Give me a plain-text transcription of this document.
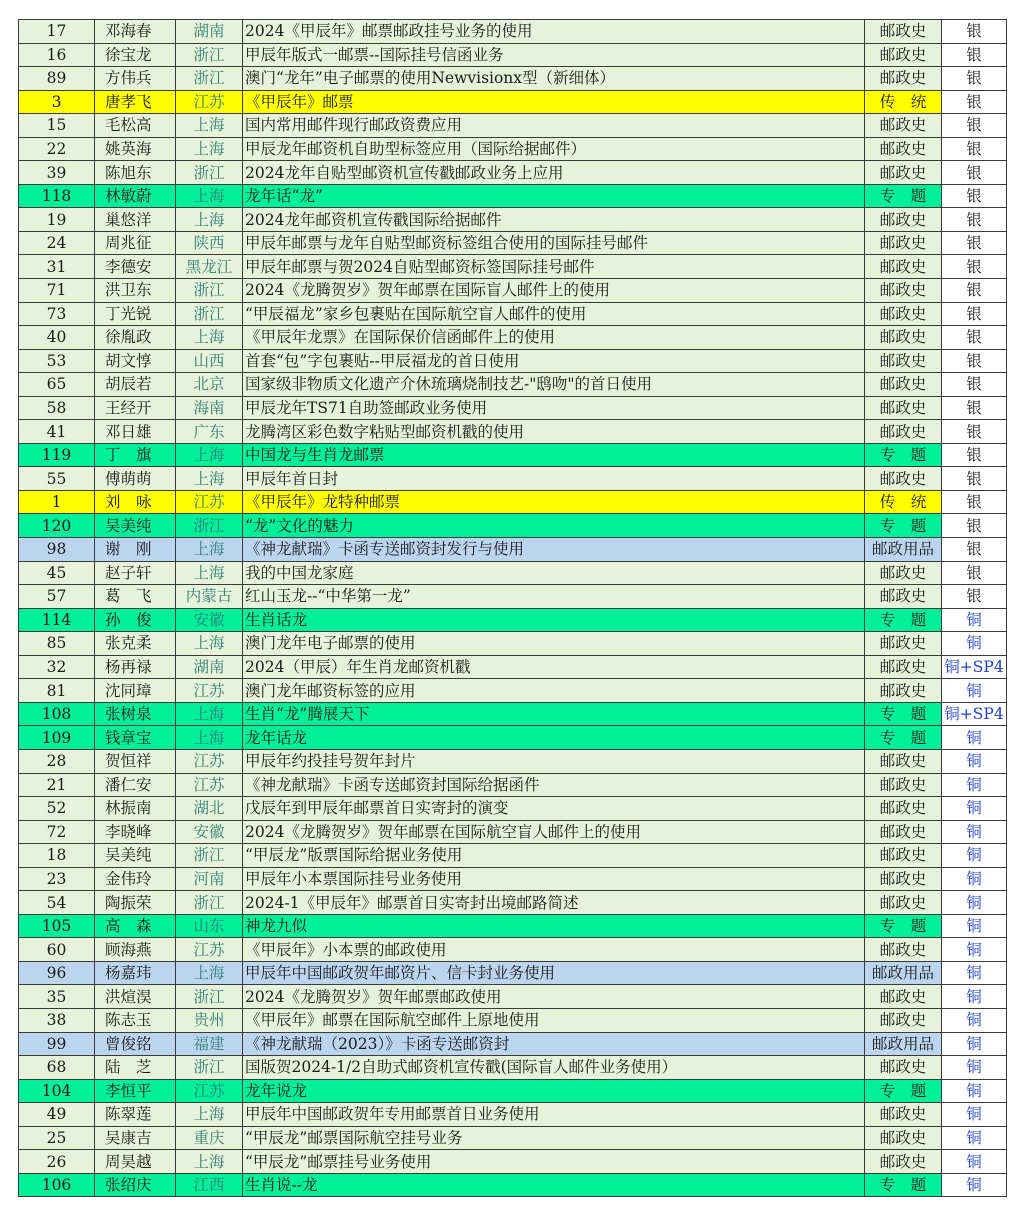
17	邓海春	湖南	2024《甲辰年》邮票邮政挂号业务的使用	邮政史	银
16	徐宝龙	浙江	甲辰年版式一邮票--国际挂号信函业务	邮政史	银
89	方伟兵	浙江	澳门“龙年”电子邮票的使用Newvisionx型（新细体）	邮政史	银
3	唐孝飞	江苏	《甲辰年》邮票	传　统	银
15	毛松高	上海	国内常用邮件现行邮政资费应用	邮政史	银
22	姚英海	上海	甲辰龙年邮资机自助型标签应用（国际给据邮件）	邮政史	银
39	陈旭东	浙江	2024龙年自贴型邮资机宣传戳邮政业务上应用	邮政史	银
118	林敏蔚	上海	龙年话“龙”	专　题	银
19	巢悠洋	上海	2024龙年邮资机宣传戳国际给据邮件	邮政史	银
24	周兆征	陕西	甲辰年邮票与龙年自贴型邮资标签组合使用的国际挂号邮件	邮政史	银
31	李德安	黑龙江	甲辰年邮票与贺2024自贴型邮资标签国际挂号邮件	邮政史	银
71	洪卫东	浙江	2024《龙腾贺岁》贺年邮票在国际盲人邮件上的使用	邮政史	银
73	丁光锐	浙江	“甲辰福龙”家乡包裹贴在国际航空盲人邮件的使用	邮政史	银
40	徐胤政	上海	《甲辰年龙票》在国际保价信函邮件上的使用	邮政史	银
53	胡文惇	山西	首套“包”字包裹贴--甲辰福龙的首日使用	邮政史	银
65	胡辰若	北京	国家级非物质文化遗产介休琉璃烧制技艺-"鸱吻"的首日使用	邮政史	银
58	王经开	海南	甲辰龙年TS71自助签邮政业务使用	邮政史	银
41	邓日雄	广东	龙腾湾区彩色数字粘贴型邮资机戳的使用	邮政史	银
119	丁　旗	上海	中国龙与生肖龙邮票	专　题	银
55	傅萌萌	上海	甲辰年首日封	邮政史	银
1	刘　咏	江苏	《甲辰年》龙特种邮票	传　统	银
120	吴美纯	浙江	“龙”文化的魅力	专　题	银
98	谢　刚	上海	《神龙献瑞》卡函专送邮资封发行与使用	邮政用品	银
45	赵子轩	上海	我的中国龙家庭	邮政史	银
57	葛　飞	内蒙古	红山玉龙--“中华第一龙”	邮政史	银
114	孙　俊	安徽	生肖话龙	专　题	铜
85	张克柔	上海	澳门龙年电子邮票的使用	邮政史	铜
32	杨再禄	湖南	2024（甲辰）年生肖龙邮资机戳	邮政史	铜+SP4
81	沈同璋	江苏	澳门龙年邮资标签的应用	邮政史	铜
108	张树泉	上海	生肖“龙”腾展天下	专　题	铜+SP4
109	钱章宝	上海	龙年话龙	专　题	铜
28	贺恒祥	江苏	甲辰年约投挂号贺年封片	邮政史	铜
21	潘仁安	江苏	《神龙献瑞》卡函专送邮资封国际给据函件	邮政史	铜
52	林振南	湖北	戊辰年到甲辰年邮票首日实寄封的演变	邮政史	铜
72	李晓峰	安徽	2024《龙腾贺岁》贺年邮票在国际航空盲人邮件上的使用	邮政史	铜
18	吴美纯	浙江	“甲辰龙”版票国际给据业务使用	邮政史	铜
23	金伟玲	河南	甲辰年小本票国际挂号业务使用	邮政史	铜
54	陶振荣	浙江	2024-1《甲辰年》邮票首日实寄封出境邮路简述	邮政史	铜
105	高　森	山东	神龙九似	专　题	铜
60	顾海燕	江苏	《甲辰年》小本票的邮政使用	邮政史	铜
96	杨嘉玮	上海	甲辰年中国邮政贺年邮资片、信卡封业务使用	邮政用品	铜
35	洪煊淏	浙江	2024《龙腾贺岁》贺年邮票邮政使用	邮政史	铜
38	陈志玉	贵州	《甲辰年》邮票在国际航空邮件上原地使用	邮政史	铜
99	曾俊铭	福建	《神龙献瑞（2023）》卡函专送邮资封	邮政用品	铜
68	陆　芝	浙江	国版贺2024-1/2自助式邮资机宣传戳(国际盲人邮件业务使用）	邮政史	铜
104	李恒平	江苏	龙年说龙	专　题	铜
49	陈翠莲	上海	甲辰年中国邮政贺年专用邮票首日业务使用	邮政史	铜
25	吴康吉	重庆	“甲辰龙”邮票国际航空挂号业务	邮政史	铜
26	周昊越	上海	“甲辰龙”邮票挂号业务使用	邮政史	铜
106	张绍庆	江西	生肖说--龙	专　题	铜
